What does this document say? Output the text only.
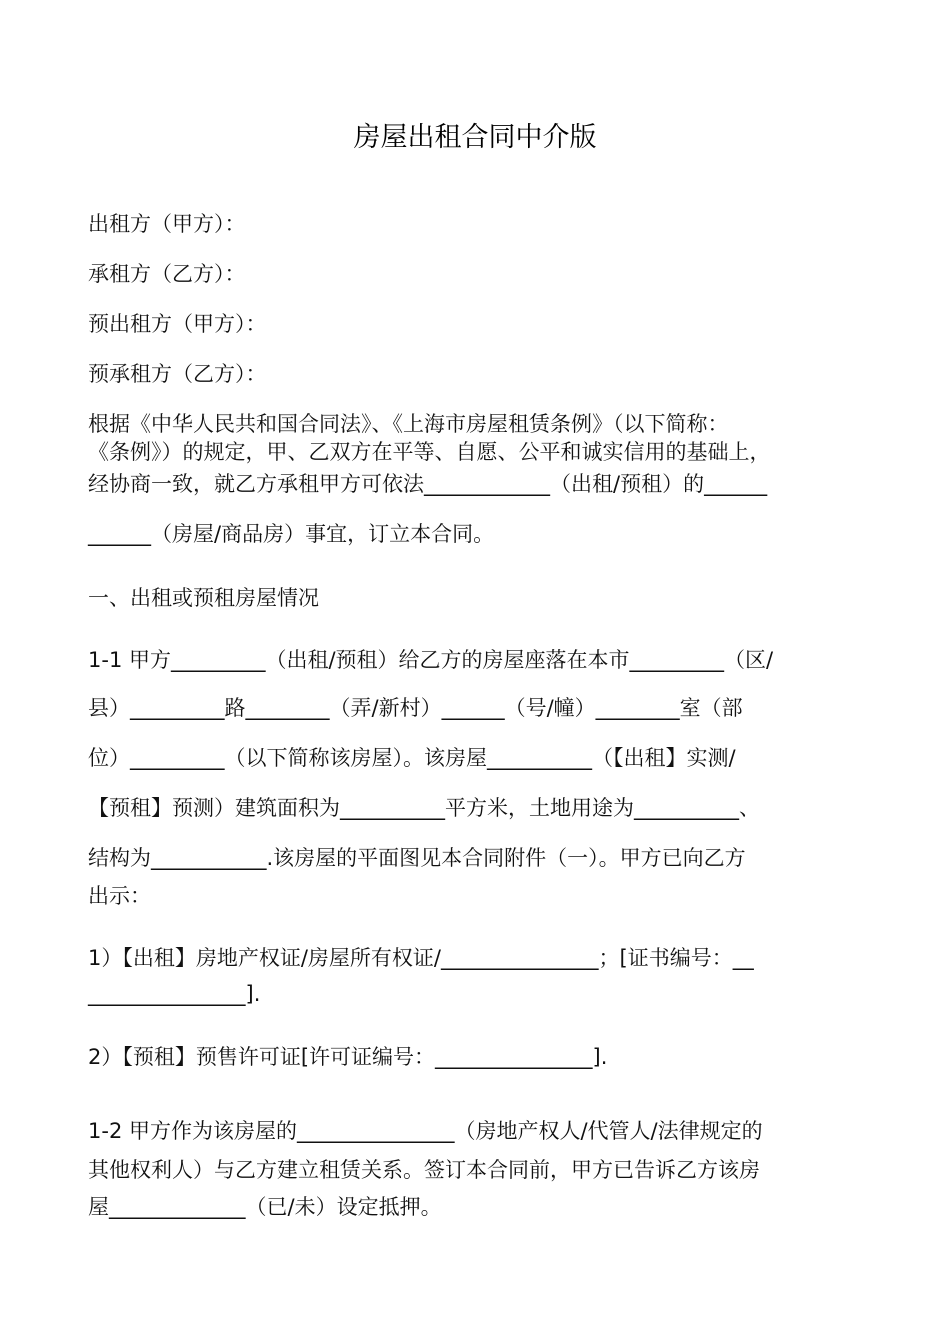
房屋出租合同中介版

出租方（甲方）：

承租方（乙方）：

预出租方（甲方）：

预承租方（乙方）：

根据《中华人民共和国合同法》、《上海市房屋租赁条例》（以下简称：

《条例》）的规定，甲、乙双方在平等、自愿、公平和诚实信用的基础上，

经协商一致，就乙方承租甲方可依法____________（出租/预租）的______

______（房屋/商品房）事宜，订立本合同。

一、出租或预租房屋情况

1-1 甲方_________（出租/预租）给乙方的房屋座落在本市_________（区/

县）_________路________（弄/新村）______（号/幢）________室（部

位）_________（以下简称该房屋）。该房屋__________（【出租】实测/

【预租】预测）建筑面积为__________平方米，土地用途为__________、

结构为___________.该房屋的平面图见本合同附件（一）。甲方已向乙方

出示：

1）【出租】房地产权证/房屋所有权证/_______________；[证书编号：__

_______________].

2）【预租】预售许可证[许可证编号：_______________].

1-2 甲方作为该房屋的_______________（房地产权人/代管人/法律规定的

其他权利人）与乙方建立租赁关系。签订本合同前，甲方已告诉乙方该房

屋_____________（已/未）设定抵押。
